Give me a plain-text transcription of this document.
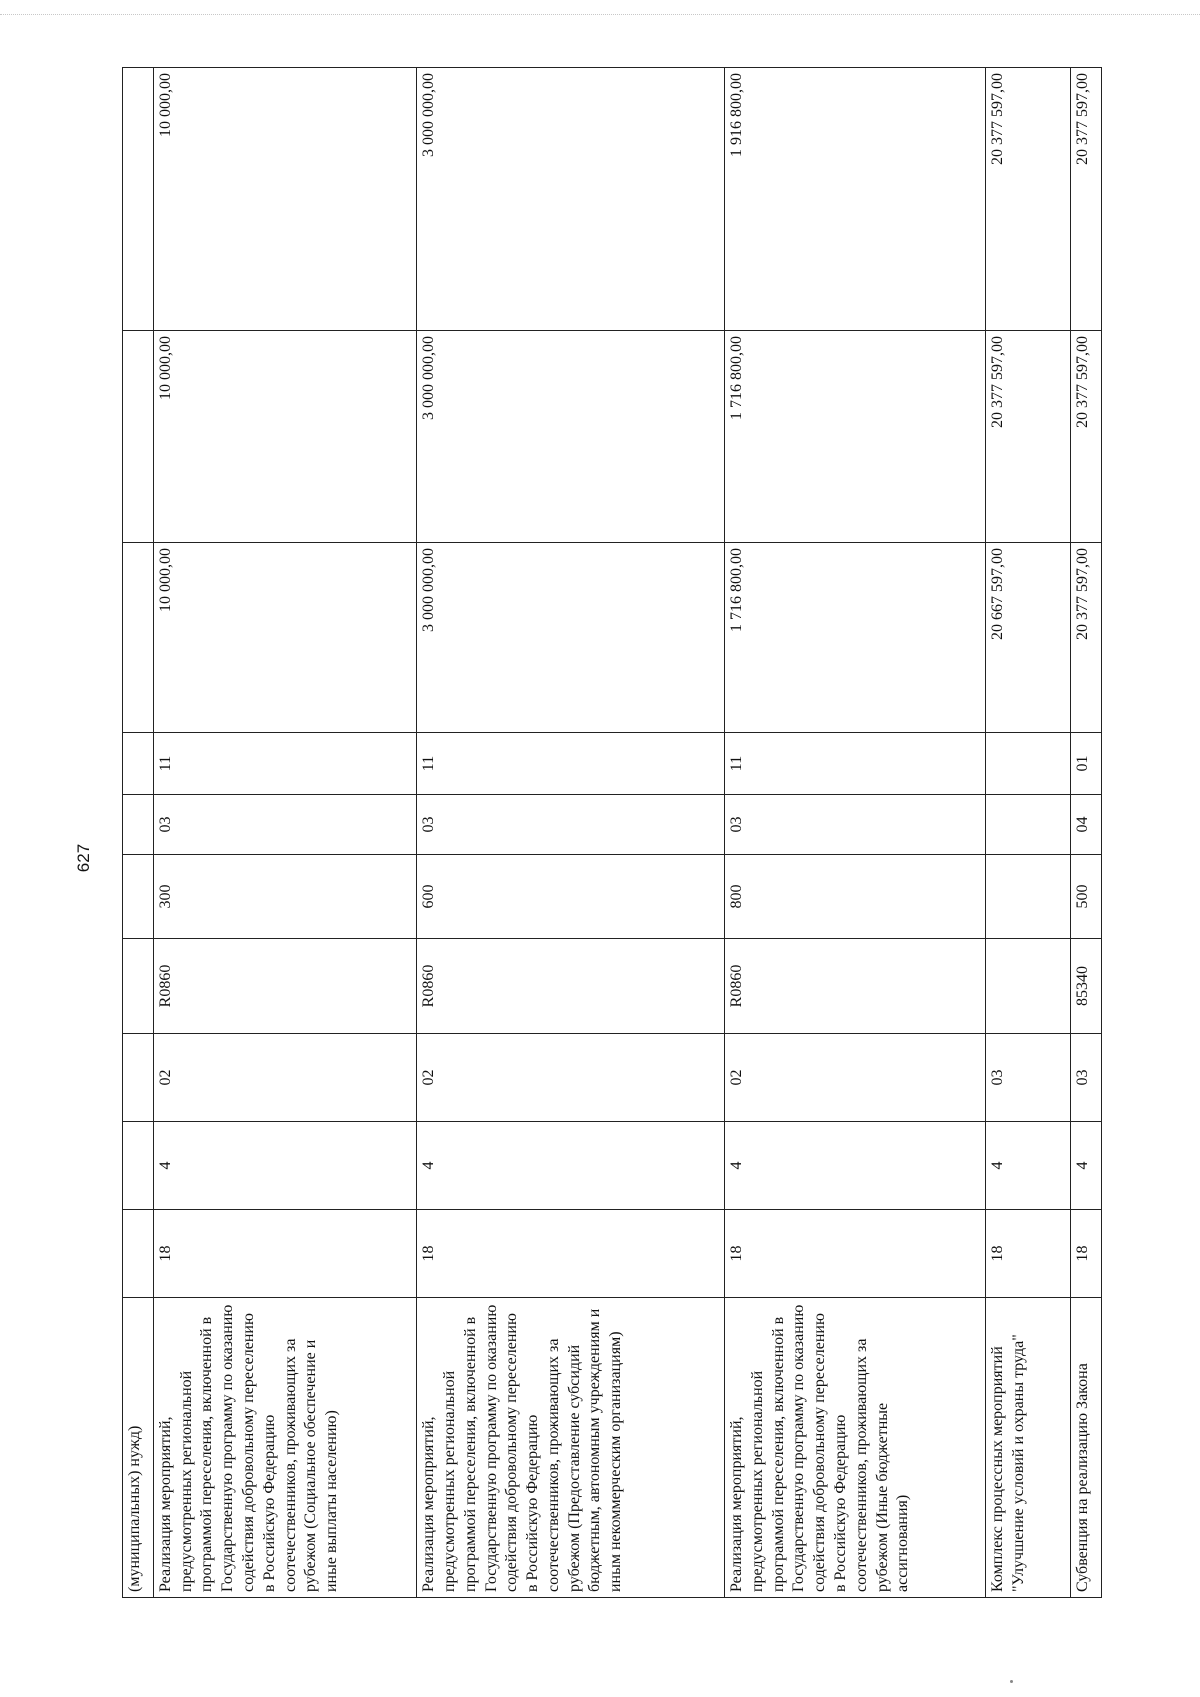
627
(муниципальных) нужд)										
Реализация мероприятий, предусмотренных региональной программой переселения, включенной в Государственную программу по оказанию содействия добровольному переселению в Российскую Федерацию соотечественников, проживающих за рубежом (Социальное обеспечение и иные выплаты населению)	18	4	02	R0860	300	03	11	10 000,00	10 000,00	10 000,00
Реализация мероприятий, предусмотренных региональной программой переселения, включенной в Государственную программу по оказанию содействия добровольному переселению в Российскую Федерацию соотечественников, проживающих за рубежом (Предоставление субсидий бюджетным, автономным учреждениям и иным некоммерческим организациям)	18	4	02	R0860	600	03	11	3 000 000,00	3 000 000,00	3 000 000,00
Реализация мероприятий, предусмотренных региональной программой переселения, включенной в Государственную программу по оказанию содействия добровольному переселению в Российскую Федерацию соотечественников, проживающих за рубежом (Иные бюджетные ассигнования)	18	4	02	R0860	800	03	11	1 716 800,00	1 716 800,00	1 916 800,00
Комплекс процессных мероприятий "Улучшение условий и охраны труда"	18	4	03					20 667 597,00	20 377 597,00	20 377 597,00
Субвенция на реализацию Закона	18	4	03	85340	500	04	01	20 377 597,00	20 377 597,00	20 377 597,00
